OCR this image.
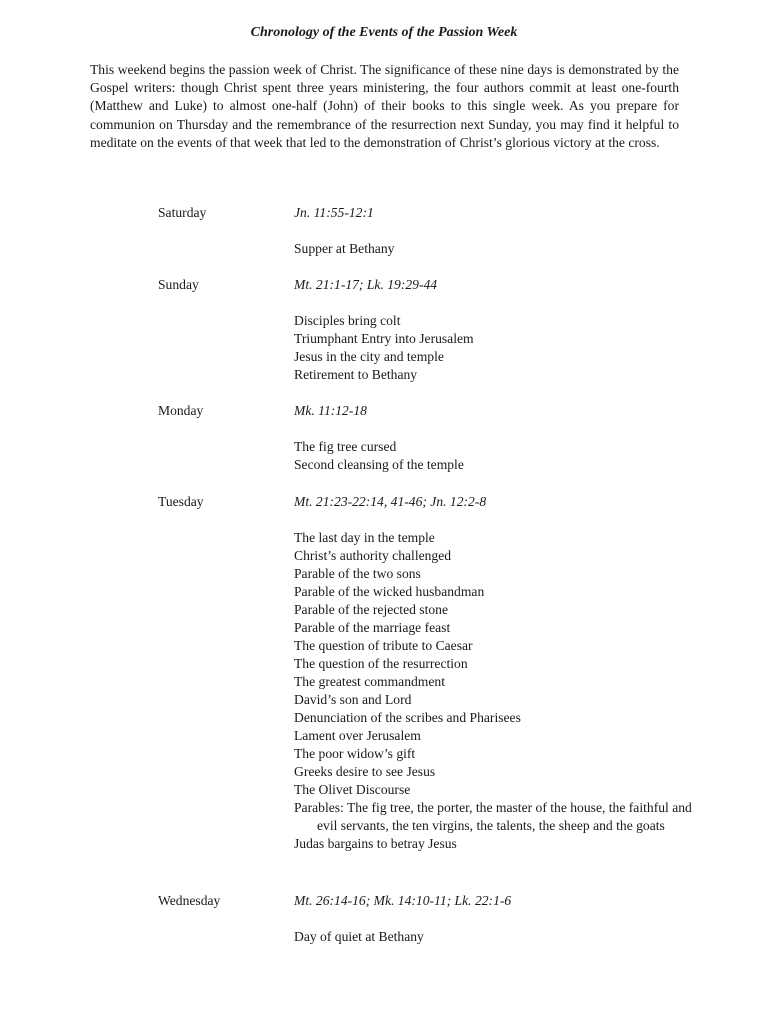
Chronology of the Events of the Passion Week

This weekend begins the passion week of Christ. The significance of these nine days is demonstrated by the Gospel writers: though Christ spent three years ministering, the four authors commit at least one-fourth (Matthew and Luke) to almost one-half (John) of their books to this single week. As you prepare for communion on Thursday and the remembrance of the resurrection next Sunday, you may find it helpful to meditate on the events of that week that led to the demonstration of Christ’s glorious victory at the cross.

Saturday	Jn. 11:55-12:1
Supper at Bethany
Sunday	Mt. 21:1-17; Lk. 19:29-44
Disciples bring colt
Triumphant Entry into Jerusalem
Jesus in the city and temple
Retirement to Bethany
Monday	Mk. 11:12-18
The fig tree cursed
Second cleansing of the temple
Tuesday	Mt. 21:23-22:14, 41-46; Jn. 12:2-8
The last day in the temple
Christ’s authority challenged
Parable of the two sons
Parable of the wicked husbandman
Parable of the rejected stone
Parable of the marriage feast
The question of tribute to Caesar
The question of the resurrection
The greatest commandment
David’s son and Lord
Denunciation of the scribes and Pharisees
Lament over Jerusalem
The poor widow’s gift
Greeks desire to see Jesus
The Olivet Discourse
Parables: The fig tree, the porter, the master of the house, the faithful and evil servants, the ten virgins, the talents, the sheep and the goats
Judas bargains to betray Jesus
Wednesday	Mt. 26:14-16; Mk. 14:10-11; Lk. 22:1-6
Day of quiet at Bethany
